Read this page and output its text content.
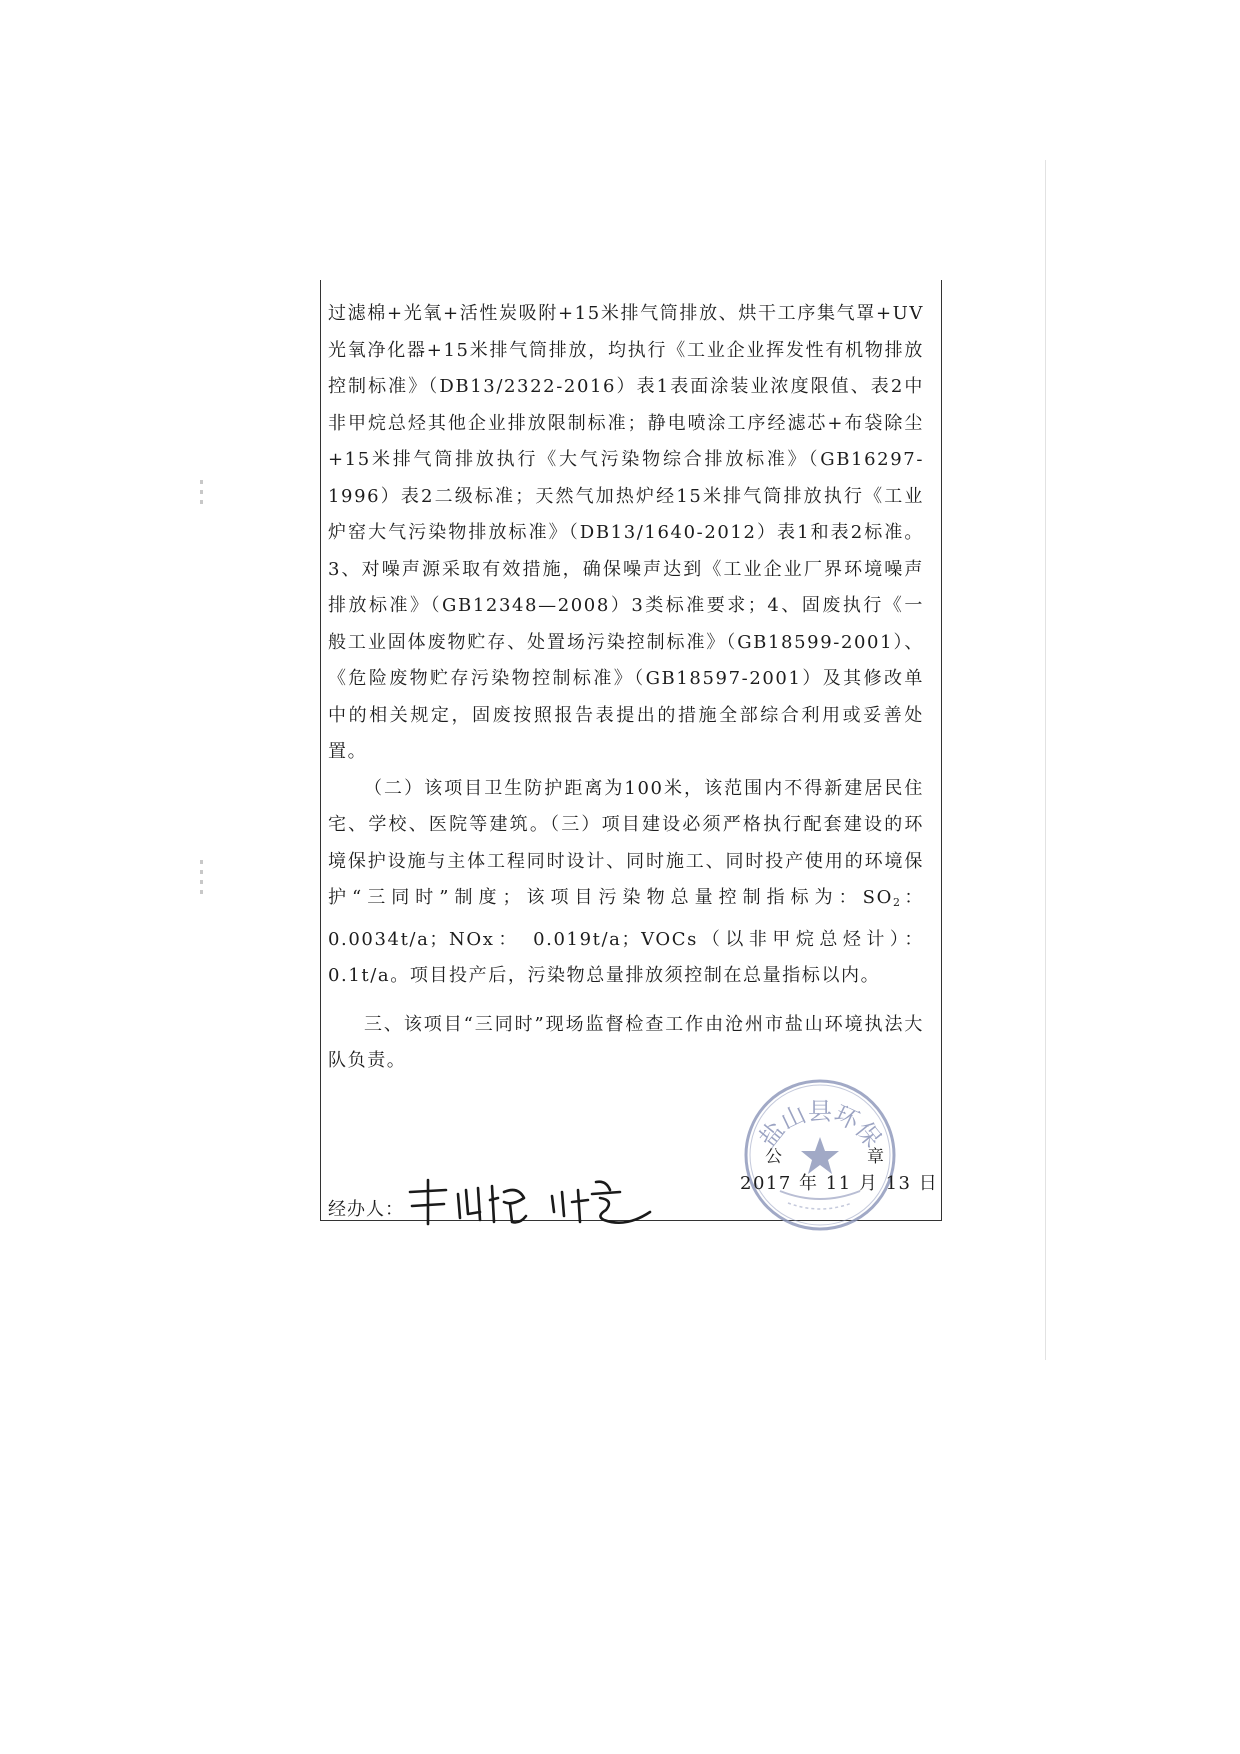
过滤棉+光氧+活性炭吸附+15米排气筒排放、烘干工序集气罩+UV光氧净化器+15米排气筒排放，均执行《工业企业挥发性有机物排放控制标准》（DB13/2322-2016）表1表面涂装业浓度限值、表2中非甲烷总烃其他企业排放限制标准；静电喷涂工序经滤芯+布袋除尘+15米排气筒排放执行《大气污染物综合排放标准》（GB16297-1996）表2二级标准；天然气加热炉经15米排气筒排放执行《工业炉窑大气污染物排放标准》（DB13/1640-2012）表1和表2标准。3、对噪声源采取有效措施，确保噪声达到《工业企业厂界环境噪声排放标准》（GB12348—2008）3类标准要求；4、固废执行《一般工业固体废物贮存、处置场污染控制标准》（GB18599-2001）、《危险废物贮存污染物控制标准》（GB18597-2001）及其修改单中的相关规定，固废按照报告表提出的措施全部综合利用或妥善处置。

（二）该项目卫生防护距离为100米，该范围内不得新建居民住宅、学校、医院等建筑。（三）项目建设必须严格执行配套建设的环境保护设施与主体工程同时设计、同时施工、同时投产使用的环境保护“三同时”制度；该项目污染物总量控制指标为：$SO_2$：0.0034t/a；NOx： 0.019t/a；VOCs（以非甲烷总烃计）：0.1t/a。项目投产后，污染物总量排放须控制在总量指标以内。

三、该项目“三同时”现场监督检查工作由沧州市盐山环境执法大队负责。

盐山县环保
公	章
经办人：
2017 年 11 月 13 日
